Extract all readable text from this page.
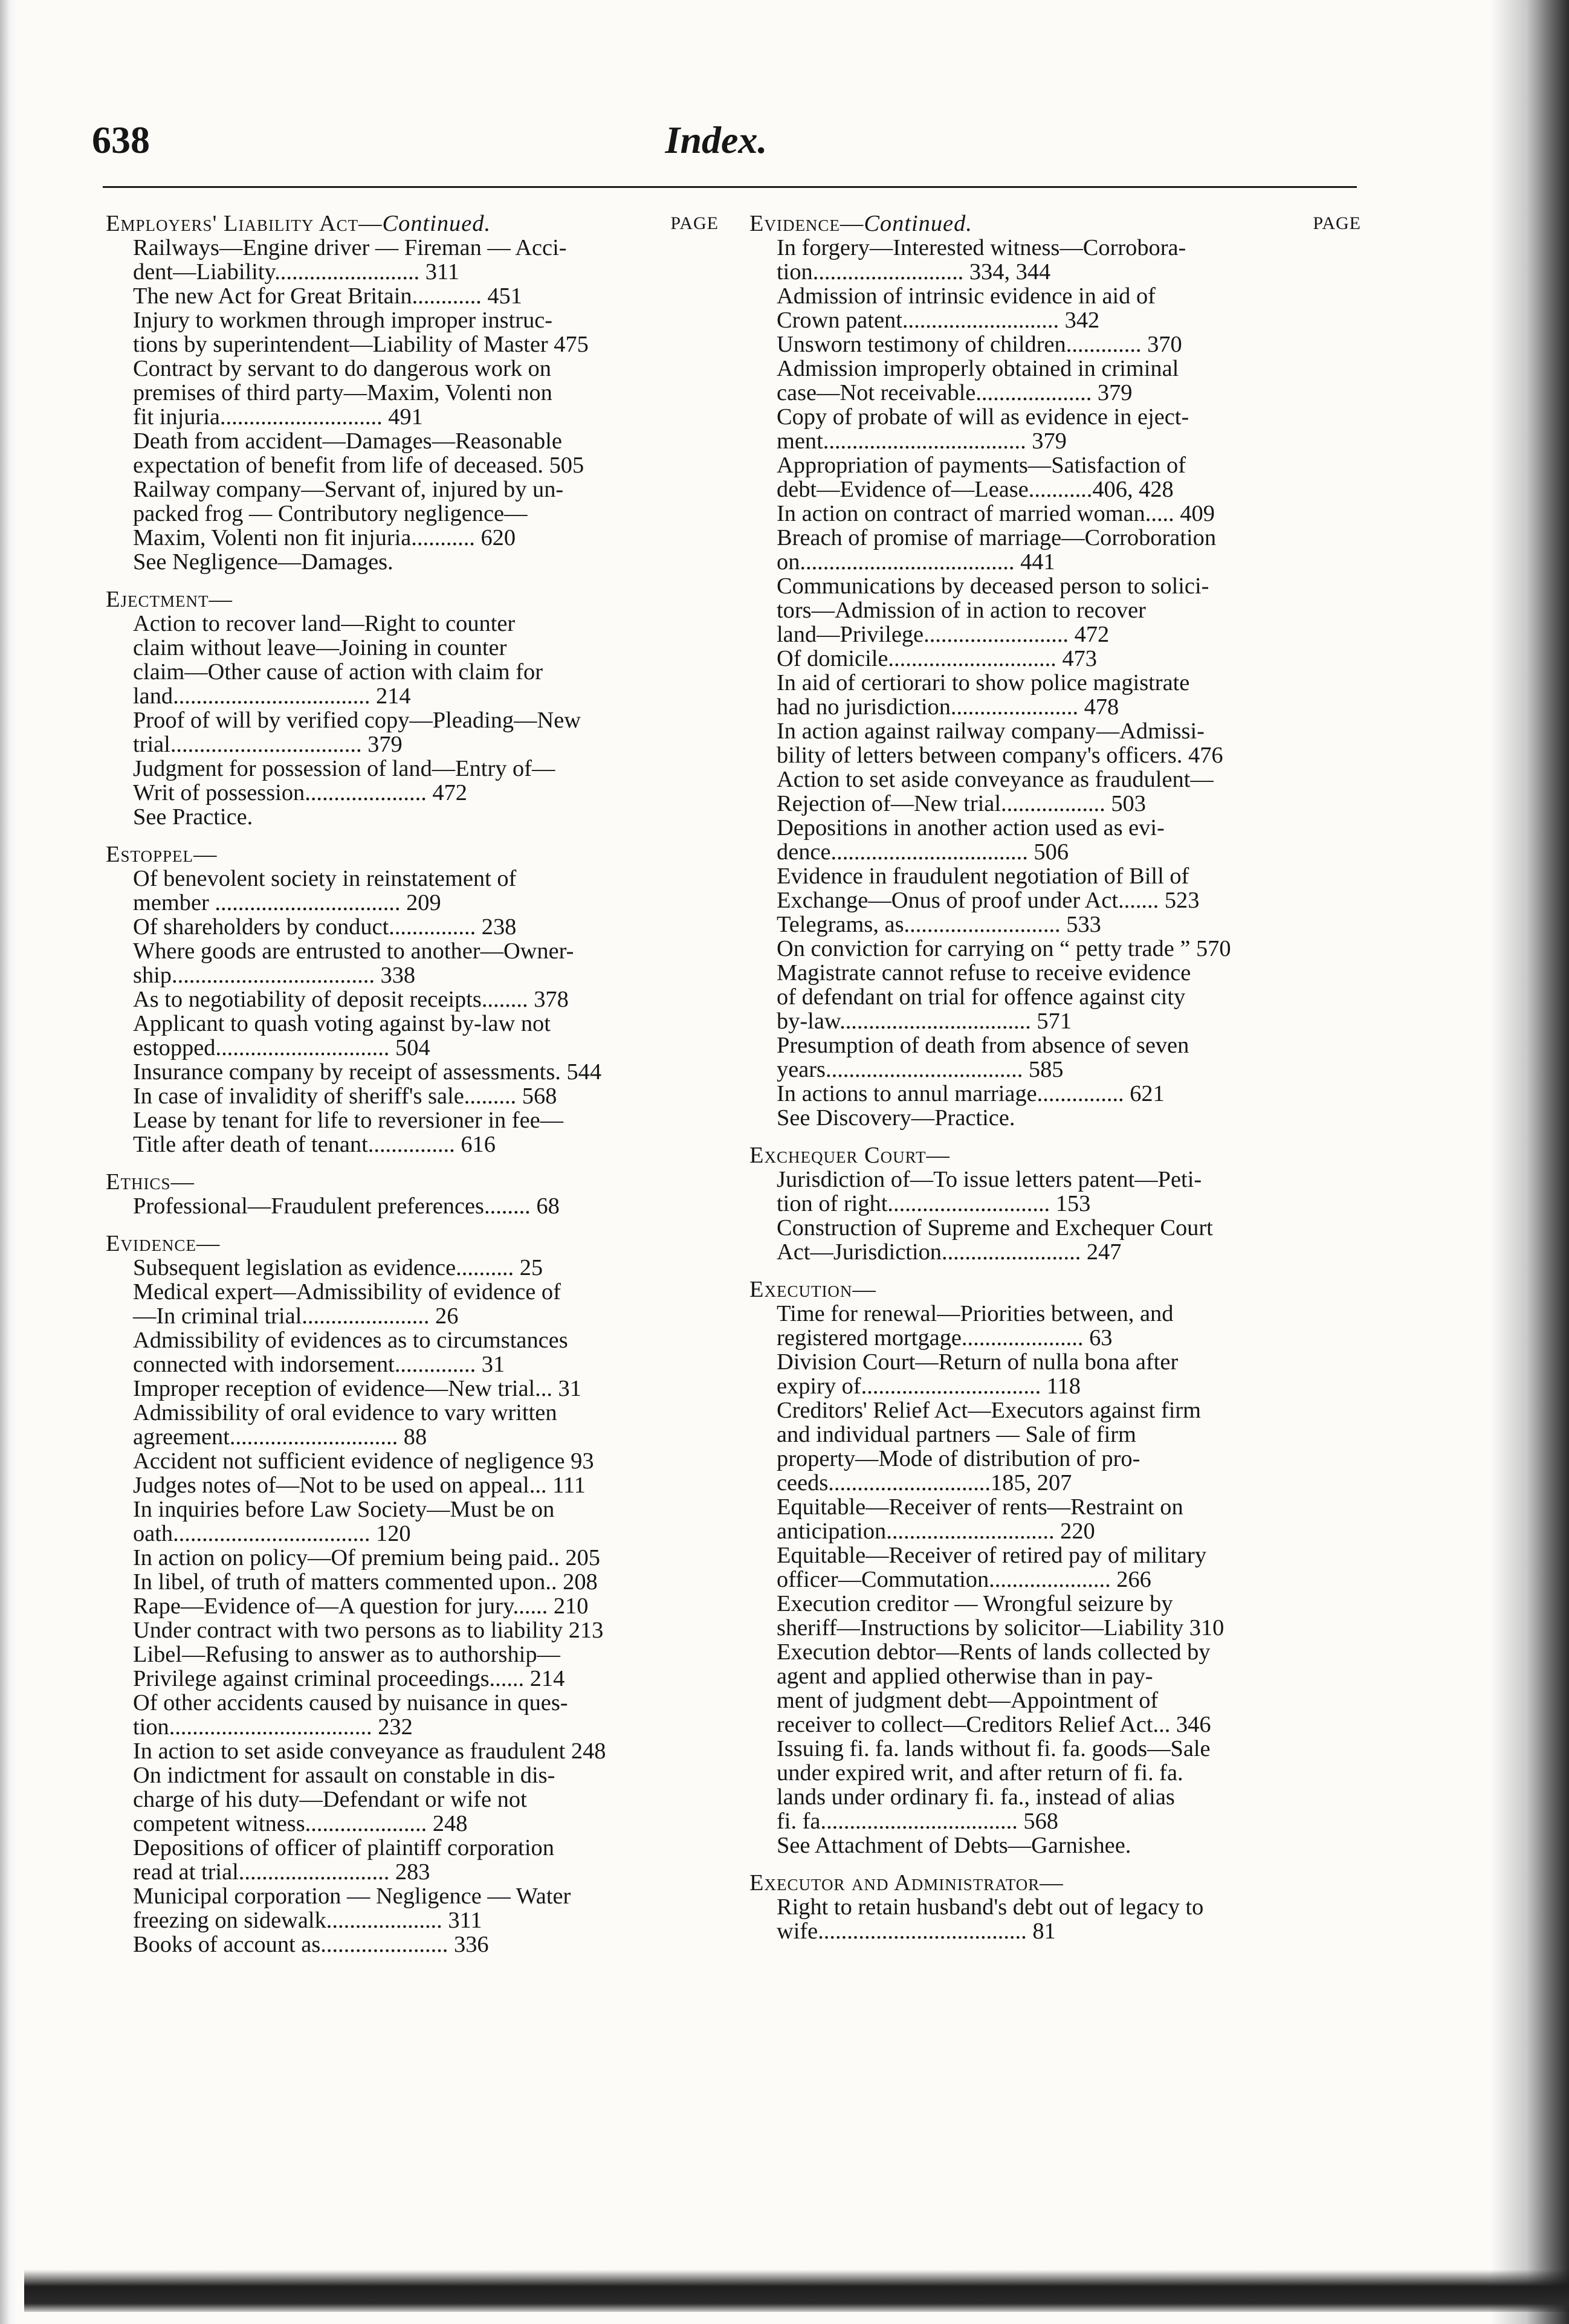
638	Index.
Employers' Liability Act—Continued.	PAGE
Railways—Engine driver — Fireman — Acci-
dent—Liability......................... 311
The new Act for Great Britain............ 451
Injury to workmen through improper instruc-
tions by superintendent—Liability of Master 475
Contract by servant to do dangerous work on
premises of third party—Maxim, Volenti non
fit injuria............................ 491
Death from accident—Damages—Reasonable
expectation of benefit from life of deceased. 505
Railway company—Servant of, injured by un-
packed frog — Contributory negligence—
Maxim, Volenti non fit injuria........... 620
See Negligence—Damages.
Ejectment—
Action to recover land—Right to counter
claim without leave—Joining in counter
claim—Other cause of action with claim for
land.................................. 214
Proof of will by verified copy—Pleading—New
trial................................. 379
Judgment for possession of land—Entry of—
Writ of possession..................... 472
See Practice.
Estoppel—
Of benevolent society in reinstatement of
member ................................ 209
Of shareholders by conduct............... 238
Where goods are entrusted to another—Owner-
ship................................... 338
As to negotiability of deposit receipts........ 378
Applicant to quash voting against by-law not
estopped.............................. 504
Insurance company by receipt of assessments. 544
In case of invalidity of sheriff's sale......... 568
Lease by tenant for life to reversioner in fee—
Title after death of tenant............... 616
Ethics—
Professional—Fraudulent preferences........ 68
Evidence—
Subsequent legislation as evidence.......... 25
Medical expert—Admissibility of evidence of
—In criminal trial...................... 26
Admissibility of evidences as to circumstances
connected with indorsement.............. 31
Improper reception of evidence—New trial... 31
Admissibility of oral evidence to vary written
agreement............................. 88
Accident not sufficient evidence of negligence 93
Judges notes of—Not to be used on appeal... 111
In inquiries before Law Society—Must be on
oath.................................. 120
In action on policy—Of premium being paid.. 205
In libel, of truth of matters commented upon.. 208
Rape—Evidence of—A question for jury...... 210
Under contract with two persons as to liability 213
Libel—Refusing to answer as to authorship—
Privilege against criminal proceedings...... 214
Of other accidents caused by nuisance in ques-
tion................................... 232
In action to set aside conveyance as fraudulent 248
On indictment for assault on constable in dis-
charge of his duty—Defendant or wife not
competent witness..................... 248
Depositions of officer of plaintiff corporation
read at trial.......................... 283
Municipal corporation — Negligence — Water
freezing on sidewalk.................... 311
Books of account as...................... 336
Evidence—Continued.	PAGE
In forgery—Interested witness—Corrobora-
tion.......................... 334, 344
Admission of intrinsic evidence in aid of
Crown patent........................... 342
Unsworn testimony of children............. 370
Admission improperly obtained in criminal
case—Not receivable.................... 379
Copy of probate of will as evidence in eject-
ment................................... 379
Appropriation of payments—Satisfaction of
debt—Evidence of—Lease...........406, 428
In action on contract of married woman..... 409
Breach of promise of marriage—Corroboration
on..................................... 441
Communications by deceased person to solici-
tors—Admission of in action to recover
land—Privilege......................... 472
Of domicile............................. 473
In aid of certiorari to show police magistrate
had no jurisdiction...................... 478
In action against railway company—Admissi-
bility of letters between company's officers. 476
Action to set aside conveyance as fraudulent—
Rejection of—New trial.................. 503
Depositions in another action used as evi-
dence.................................. 506
Evidence in fraudulent negotiation of Bill of
Exchange—Onus of proof under Act....... 523
Telegrams, as........................... 533
On conviction for carrying on “ petty trade ” 570
Magistrate cannot refuse to receive evidence
of defendant on trial for offence against city
by-law................................. 571
Presumption of death from absence of seven
years.................................. 585
In actions to annul marriage............... 621
See Discovery—Practice.
Exchequer Court—
Jurisdiction of—To issue letters patent—Peti-
tion of right............................ 153
Construction of Supreme and Exchequer Court
Act—Jurisdiction........................ 247
Execution—
Time for renewal—Priorities between, and
registered mortgage..................... 63
Division Court—Return of nulla bona after
expiry of............................... 118
Creditors' Relief Act—Executors against firm
and individual partners — Sale of firm
property—Mode of distribution of pro-
ceeds............................185, 207
Equitable—Receiver of rents—Restraint on
anticipation............................. 220
Equitable—Receiver of retired pay of military
officer—Commutation..................... 266
Execution creditor — Wrongful seizure by
sheriff—Instructions by solicitor—Liability 310
Execution debtor—Rents of lands collected by
agent and applied otherwise than in pay-
ment of judgment debt—Appointment of
receiver to collect—Creditors Relief Act... 346
Issuing fi. fa. lands without fi. fa. goods—Sale
under expired writ, and after return of fi. fa.
lands under ordinary fi. fa., instead of alias
fi. fa.................................. 568
See Attachment of Debts—Garnishee.
Executor and Administrator—
Right to retain husband's debt out of legacy to
wife.................................... 81
